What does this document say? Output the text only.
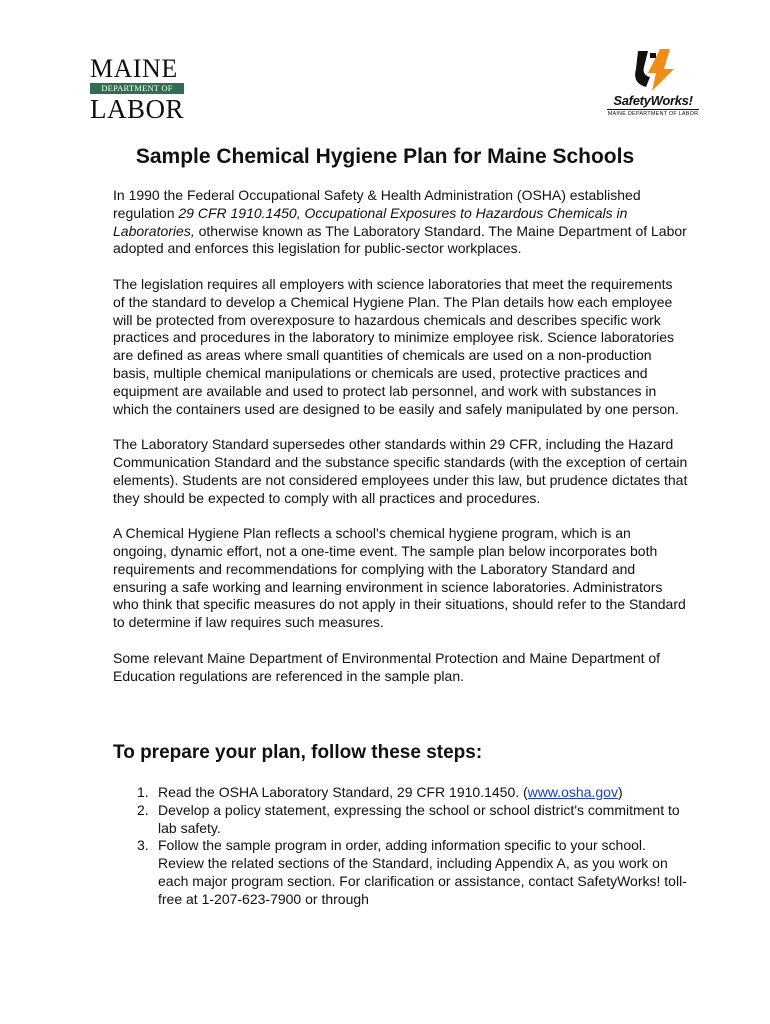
MAINE
DEPARTMENT OF
LABOR	SafetyWorks!
MAINE DEPARTMENT OF LABOR
Sample Chemical Hygiene Plan for Maine Schools

In 1990 the Federal Occupational Safety & Health Administration (OSHA) established regulation 29 CFR 1910.1450, Occupational Exposures to Hazardous Chemicals in Laboratories, otherwise known as The Laboratory Standard. The Maine Department of Labor adopted and enforces this legislation for public-sector workplaces.

The legislation requires all employers with science laboratories that meet the requirements of the standard to develop a Chemical Hygiene Plan. The Plan details how each employee will be protected from overexposure to hazardous chemicals and describes specific work practices and procedures in the laboratory to minimize employee risk. Science laboratories are defined as areas where small quantities of chemicals are used on a non-production basis, multiple chemical manipulations or chemicals are used, protective practices and equipment are available and used to protect lab personnel, and work with substances in which the containers used are designed to be easily and safely manipulated by one person.

The Laboratory Standard supersedes other standards within 29 CFR, including the Hazard Communication Standard and the substance specific standards (with the exception of certain elements). Students are not considered employees under this law, but prudence dictates that they should be expected to comply with all practices and procedures.

A Chemical Hygiene Plan reflects a school's chemical hygiene program, which is an ongoing, dynamic effort, not a one-time event. The sample plan below incorporates both requirements and recommendations for complying with the Laboratory Standard and ensuring a safe working and learning environment in science laboratories. Administrators who think that specific measures do not apply in their situations, should refer to the Standard to determine if law requires such measures.

Some relevant Maine Department of Environmental Protection and Maine Department of Education regulations are referenced in the sample plan.

To prepare your plan, follow these steps:
1. Read the OSHA Laboratory Standard, 29 CFR 1910.1450. (www.osha.gov)
2. Develop a policy statement, expressing the school or school district's commitment to lab safety.
3. Follow the sample program in order, adding information specific to your school. Review the related sections of the Standard, including Appendix A, as you work on each major program section. For clarification or assistance, contact SafetyWorks! toll-free at 1-207-623-7900 or through
